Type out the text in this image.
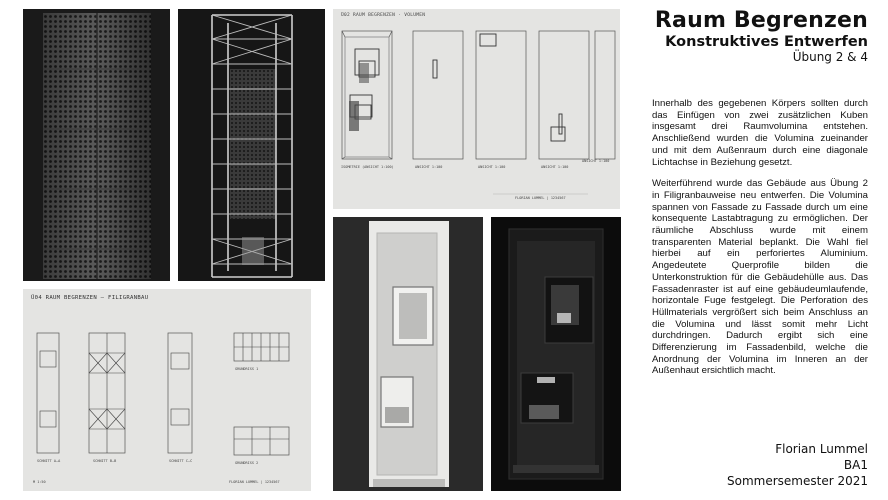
Ü02 RAUM BEGRENZEN · VOLUMEN
ISOMETRIE (ANSICHT 1:100)	ANSICHT 1:100	ANSICHT 1:100	ANSICHT 1:100
ANSICHT 1:100
FLORIAN LUMMEL | 1234567
Ü04 RAUM BEGRENZEN – FILIGRANBAU
SCHNITT A–A	SCHNITT B–B	SCHNITT C–C
GRUNDRISS 1
GRUNDRISS 2
M 1:50	FLORIAN LUMMEL | 1234567
Raum Begrenzen
Konstruktives Entwerfen
Übung 2 & 4

Innerhalb des gegebenen Körpers sollten durch das Einfügen von zwei zusätzlichen Kuben insgesamt drei Raumvolumina entstehen. Anschließend wurden die Volumina zueinander und mit dem Außenraum durch eine diagonale Lichtachse in Beziehung gesetzt.

Weiterführend wurde das Gebäude aus Übung 2 in Filigranbauweise neu entwerfen. Die Volumina spannen von Fassade zu Fassade durch um eine konsequente Lastabtragung zu ermöglichen. Der räumliche Abschluss wurde mit einem transparenten Material beplankt. Die Wahl fiel hierbei auf ein perforiertes Aluminium. Angedeutete Querprofile bilden die Unterkonstruktion für die Gebäudehülle aus. Das Fassadenraster ist auf eine gebäudeumlaufende, horizontale Fuge festgelegt. Die Perforation des Hüllmaterials vergrößert sich beim Anschluss an die Volumina und lässt somit mehr Licht durchdringen. Dadurch ergibt sich eine Differenzierung im Fassadenbild, welche die Anordnung der Volumina im Inneren an der Außenhaut ersichtlich macht.

Florian Lummel
BA1
Sommersemester 2021
